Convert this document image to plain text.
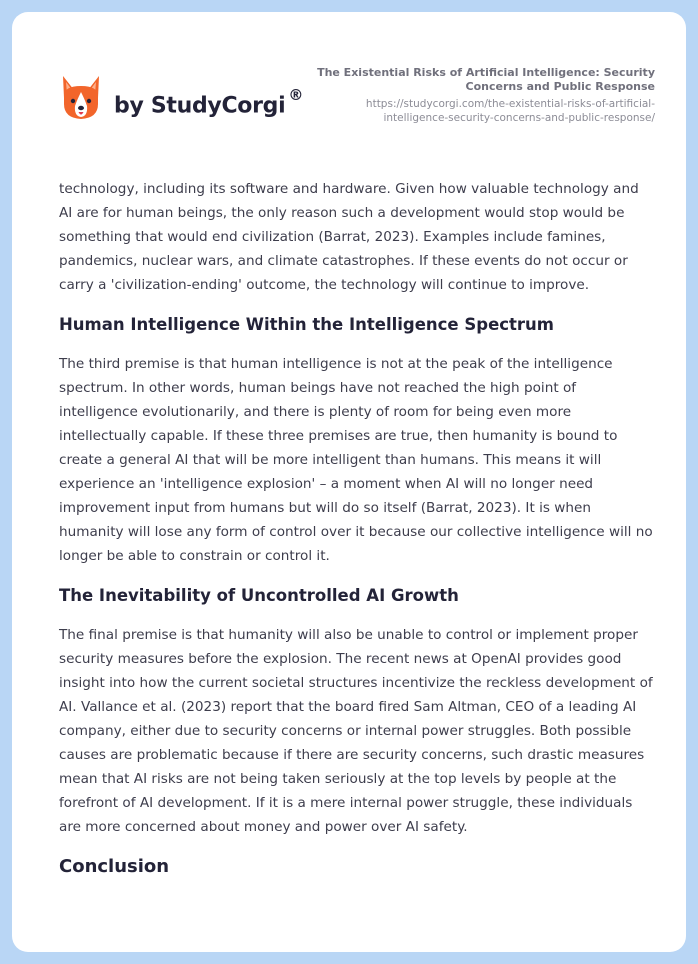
by StudyCorgi ®
The Existential Risks of Artificial Intelligence: Security Concerns and Public Response
https://studycorgi.com/the-existential-risks-of-artificial-intelligence-security-concerns-and-public-response/

technology, including its software and hardware. Given how valuable technology and AI are for human beings, the only reason such a development would stop would be something that would end civilization (Barrat, 2023). Examples include famines, pandemics, nuclear wars, and climate catastrophes. If these events do not occur or carry a 'civilization-ending' outcome, the technology will continue to improve.

Human Intelligence Within the Intelligence Spectrum

The third premise is that human intelligence is not at the peak of the intelligence spectrum. In other words, human beings have not reached the high point of intelligence evolutionarily, and there is plenty of room for being even more intellectually capable. If these three premises are true, then humanity is bound to create a general AI that will be more intelligent than humans. This means it will experience an 'intelligence explosion' – a moment when AI will no longer need improvement input from humans but will do so itself (Barrat, 2023). It is when humanity will lose any form of control over it because our collective intelligence will no longer be able to constrain or control it.

The Inevitability of Uncontrolled AI Growth

The final premise is that humanity will also be unable to control or implement proper security measures before the explosion. The recent news at OpenAI provides good insight into how the current societal structures incentivize the reckless development of AI. Vallance et al. (2023) report that the board fired Sam Altman, CEO of a leading AI company, either due to security concerns or internal power struggles. Both possible causes are problematic because if there are security concerns, such drastic measures mean that AI risks are not being taken seriously at the top levels by people at the forefront of AI development. If it is a mere internal power struggle, these individuals are more concerned about money and power over AI safety.

Conclusion
